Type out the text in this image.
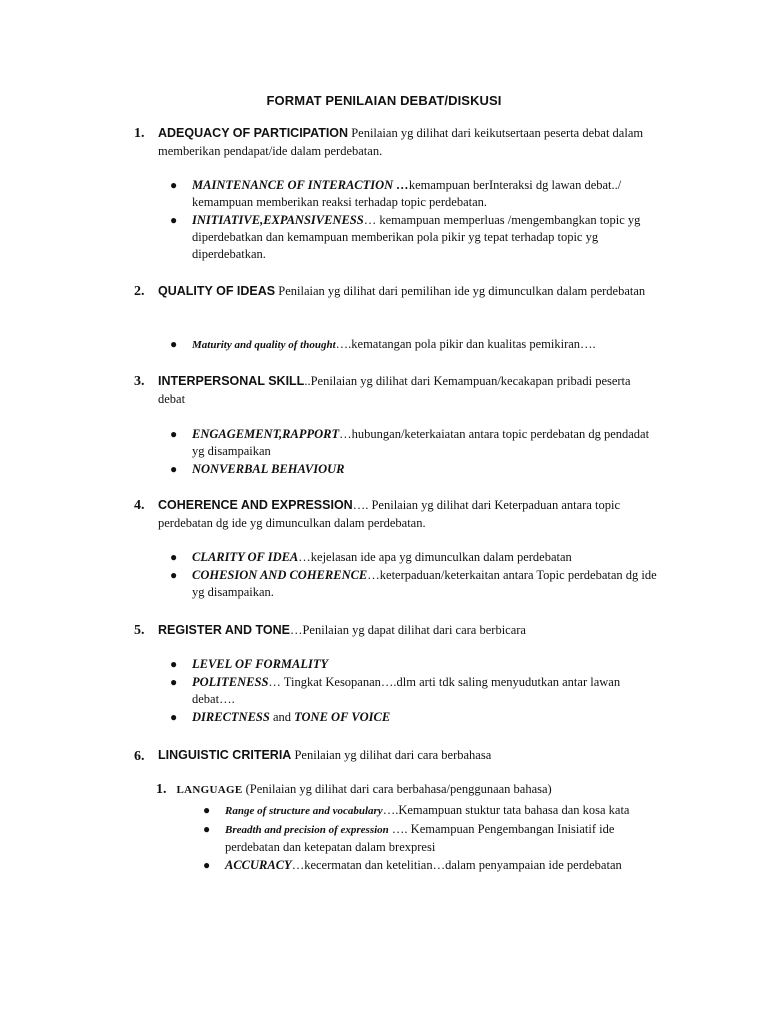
FORMAT PENILAIAN DEBAT/DISKUSI
1. ADEQUACY OF PARTICIPATION Penilaian yg dilihat dari keikutsertaan peserta debat dalam memberikan pendapat/ide dalam perdebatan.
● MAINTENANCE OF INTERACTION …kemampuan berInteraksi dg lawan debat../ kemampuan memberikan reaksi terhadap topic perdebatan.
● INITIATIVE,EXPANSIVENESS… kemampuan memperluas /mengembangkan topic yg diperdebatkan dan kemampuan memberikan pola pikir yg tepat terhadap topic yg diperdebatkan.
2. QUALITY OF IDEAS Penilaian yg dilihat dari pemilihan ide yg dimunculkan dalam perdebatan
● Maturity and quality of thought….kematangan pola pikir dan kualitas pemikiran….
3. INTERPERSONAL SKILL..Penilaian yg dilihat dari Kemampuan/kecakapan pribadi peserta debat
● ENGAGEMENT,RAPPORT…hubungan/keterkaiatan antara topic perdebatan dg pendadat yg disampaikan
● NONVERBAL BEHAVIOUR
4. COHERENCE AND EXPRESSION…. Penilaian yg dilihat dari Keterpaduan antara topic perdebatan dg ide yg dimunculkan dalam perdebatan.
● CLARITY OF IDEA…kejelasan ide apa yg dimunculkan dalam perdebatan
● COHESION AND COHERENCE…keterpaduan/keterkaitan antara Topic perdebatan dg ide yg disampaikan.
5. REGISTER AND TONE…Penilaian yg dapat dilihat dari cara berbicara
● LEVEL OF FORMALITY
● POLITENESS… Tingkat Kesopanan….dlm arti tdk saling menyudutkan antar lawan debat….
● DIRECTNESS and TONE OF VOICE
6. LINGUISTIC CRITERIA Penilaian yg dilihat dari cara berbahasa
1. LANGUAGE (Penilaian yg dilihat dari cara berbahasa/penggunaan bahasa)
● Range of structure and vocabulary….Kemampuan stuktur tata bahasa dan kosa kata
● Breadth and precision of expression …. Kemampuan Pengembangan Inisiatif ide perdebatan dan ketepatan dalam brexpresi
● ACCURACY…kecermatan dan ketelitian…dalam penyampaian ide perdebatan
